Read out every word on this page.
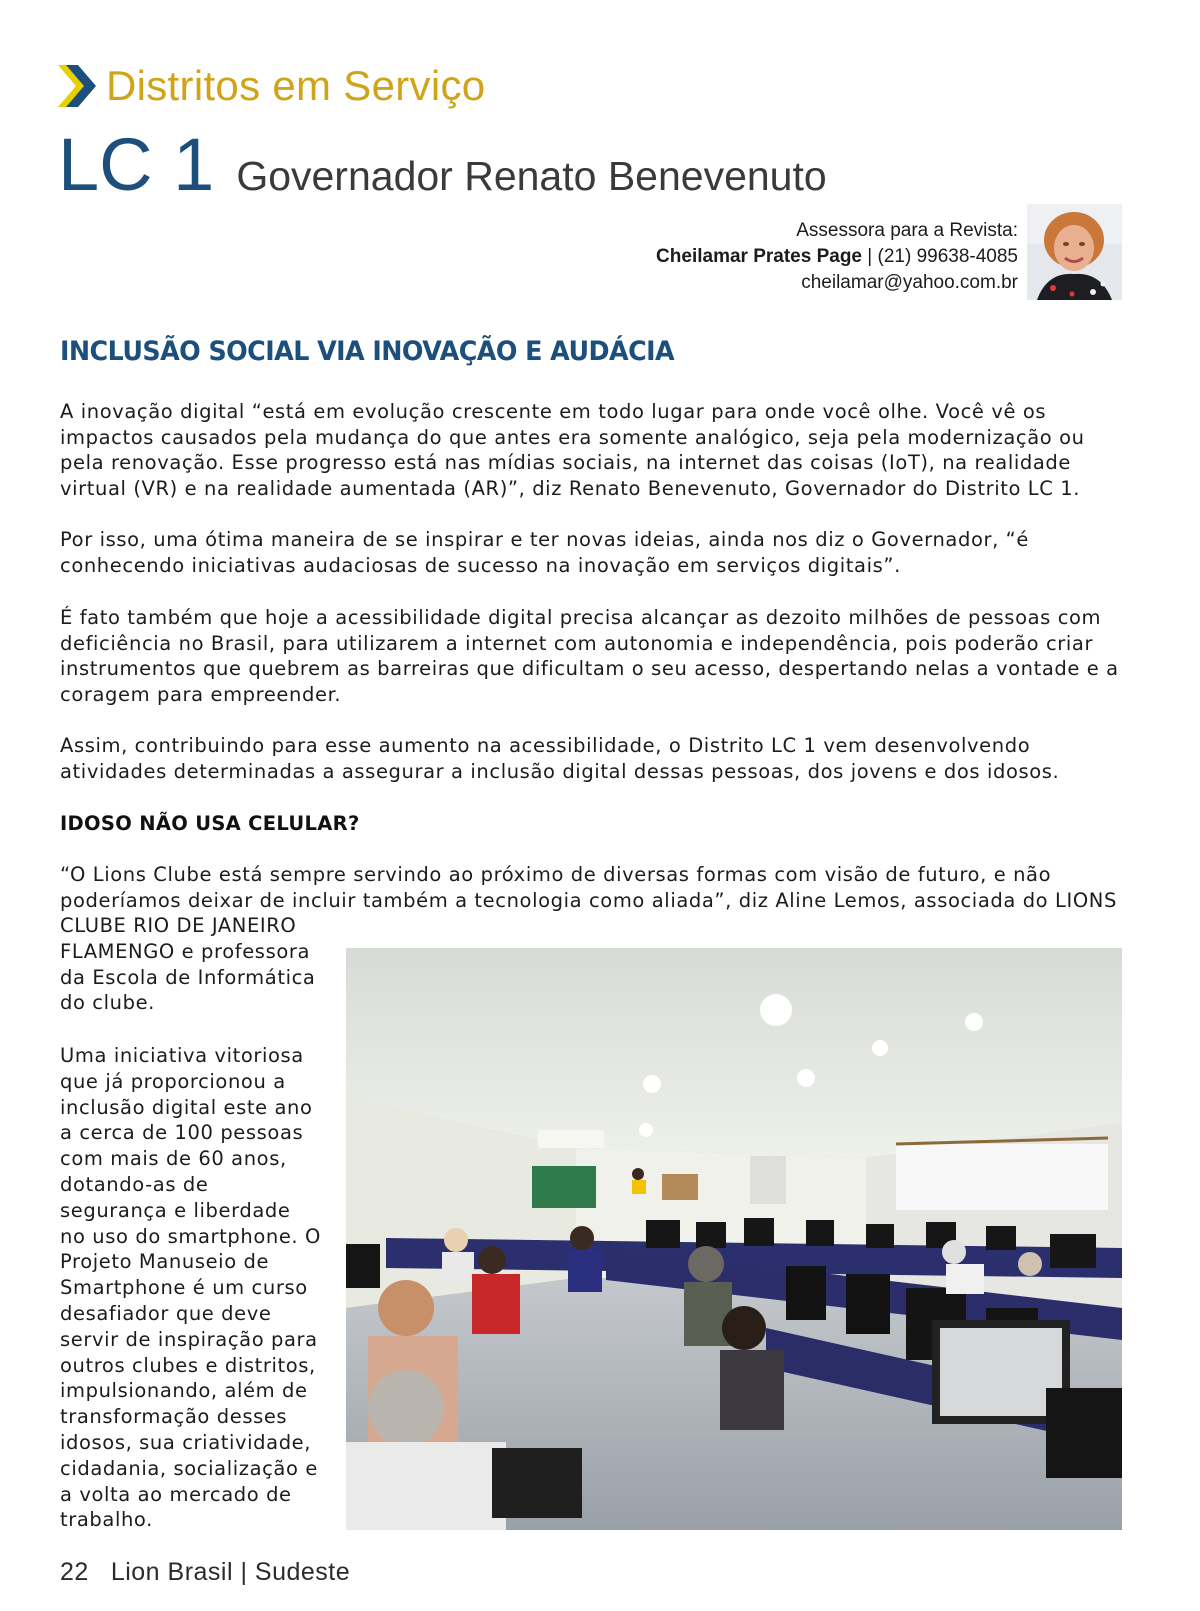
Distritos em Serviço
LC 1 Governador Renato Benevenuto
Assessora para a Revista:
Cheilamar Prates Page | (21) 99638-4085
cheilamar@yahoo.com.br
INCLUSÃO SOCIAL VIA INOVAÇÃO E AUDÁCIA

A inovação digital “está em evolução crescente em todo lugar para onde você olhe. Você vê os impactos causados pela mudança do que antes era somente analógico, seja pela modernização ou pela renovação. Esse progresso está nas mídias sociais, na internet das coisas (IoT), na realidade virtual (VR) e na realidade aumentada (AR)”, diz Renato Benevenuto, Governador do Distrito LC 1.

Por isso, uma ótima maneira de se inspirar e ter novas ideias, ainda nos diz o Governador, “é conhecendo iniciativas audaciosas de sucesso na inovação em serviços digitais”.

É fato também que hoje a acessibilidade digital precisa alcançar as dezoito milhões de pessoas com deficiência no Brasil, para utilizarem a internet com autonomia e independência, pois poderão criar instrumentos que quebrem as barreiras que dificultam o seu acesso, despertando nelas a vontade e a coragem para empreender.

Assim, contribuindo para esse aumento na acessibilidade, o Distrito LC 1 vem desenvolvendo atividades determinadas a assegurar a inclusão digital dessas pessoas, dos jovens e dos idosos.

IDOSO NÃO USA CELULAR?

“O Lions Clube está sempre servindo ao próximo de diversas formas com visão de futuro, e não poderíamos deixar de incluir também a tecnologia como aliada”, diz Aline Lemos, associada do LIONS

CLUBE RIO DE JANEIRO FLAMENGO e professora da Escola de Informática do clube.

Uma iniciativa vitoriosa que já proporcionou a inclusão digital este ano a cerca de 100 pessoas com mais de 60 anos, dotando-as de segurança e liberdade no uso do smartphone. O Projeto Manuseio de Smartphone é um curso desafiador que deve servir de inspiração para outros clubes e distritos, impulsionando, além de transformação desses idosos, sua criatividade, cidadania, socialização e a volta ao mercado de trabalho.

22 Lion Brasil | Sudeste
